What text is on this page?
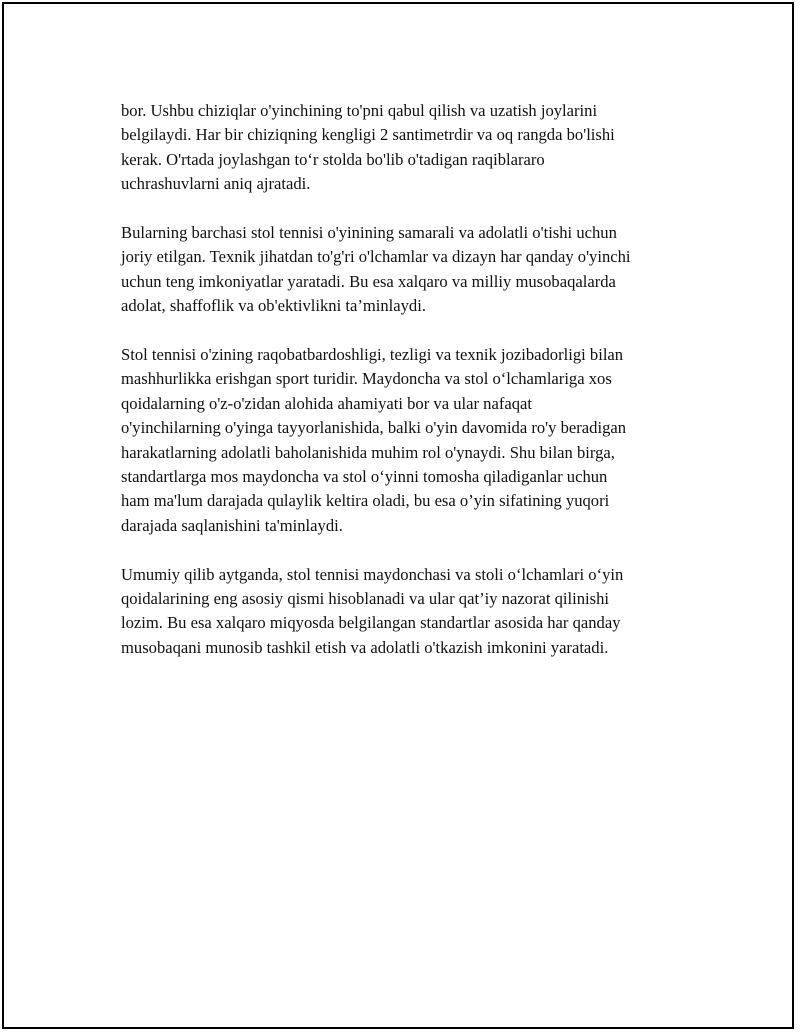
bor. Ushbu chiziqlar o'yinchining to'pni qabul qilish va uzatish joylarini
belgilaydi. Har bir chiziqning kengligi 2 santimetrdir va oq rangda bo'lishi
kerak. O'rtada joylashgan to‘r stolda bo'lib o'tadigan raqiblararo
uchrashuvlarni aniq ajratadi.

Bularning barchasi stol tennisi o'yinining samarali va adolatli o'tishi uchun
joriy etilgan. Texnik jihatdan to'g'ri o'lchamlar va dizayn har qanday o'yinchi
uchun teng imkoniyatlar yaratadi. Bu esa xalqaro va milliy musobaqalarda
adolat, shaffoflik va ob'ektivlikni ta’minlaydi.

Stol tennisi o'zining raqobatbardoshligi, tezligi va texnik jozibadorligi bilan
mashhurlikka erishgan sport turidir. Maydoncha va stol o‘lchamlariga xos
qoidalarning o'z-o'zidan alohida ahamiyati bor va ular nafaqat
o'yinchilarning o'yinga tayyorlanishida, balki o'yin davomida ro'y beradigan
harakatlarning adolatli baholanishida muhim rol o'ynaydi. Shu bilan birga,
standartlarga mos maydoncha va stol o‘yinni tomosha qiladiganlar uchun
ham ma'lum darajada qulaylik keltira oladi, bu esa o’yin sifatining yuqori
darajada saqlanishini ta'minlaydi.

Umumiy qilib aytganda, stol tennisi maydonchasi va stoli o‘lchamlari o‘yin
qoidalarining eng asosiy qismi hisoblanadi va ular qat’iy nazorat qilinishi
lozim. Bu esa xalqaro miqyosda belgilangan standartlar asosida har qanday
musobaqani munosib tashkil etish va adolatli o'tkazish imkonini yaratadi.
